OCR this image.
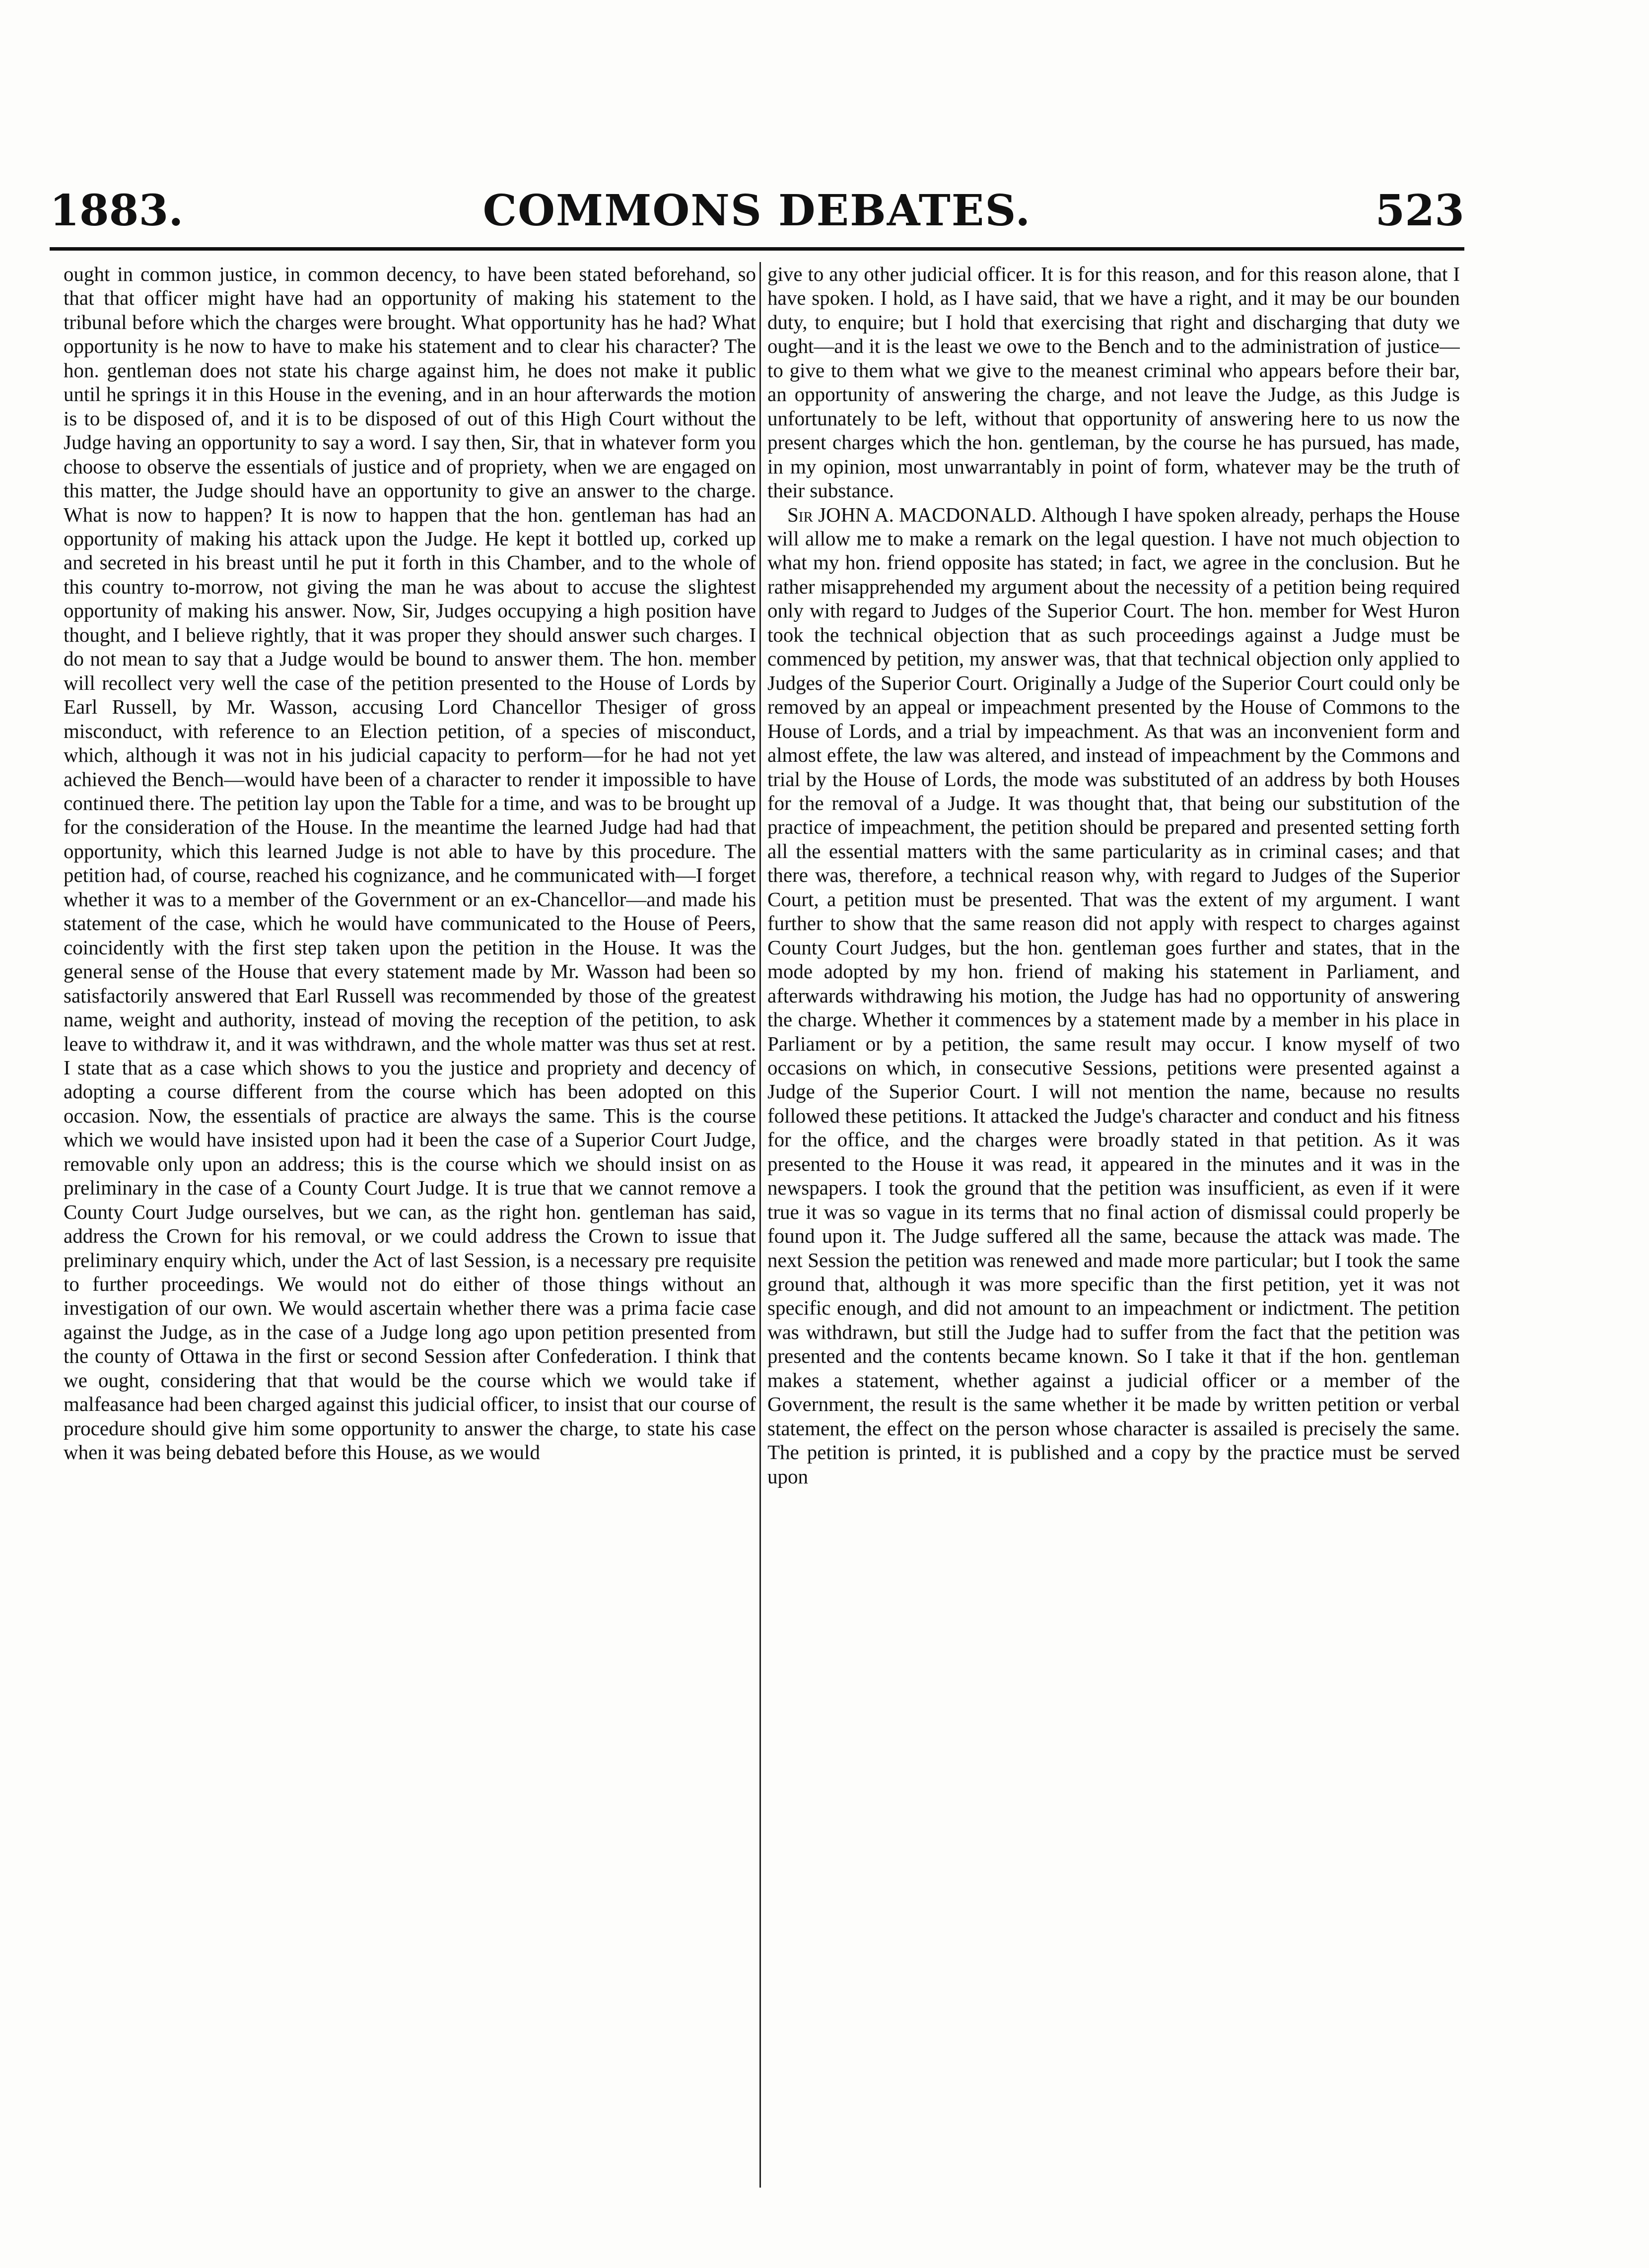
1883.	COMMONS DEBATES.	523

ought in common justice, in common decency, to have been stated beforehand, so that that officer might have had an opportunity of making his statement to the tribunal before which the charges were brought. What opportunity has he had? What opportunity is he now to have to make his statement and to clear his character? The hon. gentleman does not state his charge against him, he does not make it public until he springs it in this House in the evening, and in an hour afterwards the motion is to be disposed of, and it is to be disposed of out of this High Court without the Judge having an opportunity to say a word. I say then, Sir, that in whatever form you choose to observe the essentials of justice and of propriety, when we are engaged on this matter, the Judge should have an opportunity to give an answer to the charge. What is now to happen? It is now to happen that the hon. gentleman has had an opportunity of making his attack upon the Judge. He kept it bottled up, corked up and secreted in his breast until he put it forth in this Chamber, and to the whole of this country to-morrow, not giving the man he was about to accuse the slightest opportunity of making his answer. Now, Sir, Judges occupying a high position have thought, and I believe rightly, that it was proper they should answer such charges. I do not mean to say that a Judge would be bound to answer them. The hon. member will recollect very well the case of the petition presented to the House of Lords by Earl Russell, by Mr. Wasson, accusing Lord Chancellor Thesiger of gross misconduct, with reference to an Election petition, of a species of misconduct, which, although it was not in his judicial capacity to perform—for he had not yet achieved the Bench—would have been of a character to render it impossible to have continued there. The petition lay upon the Table for a time, and was to be brought up for the consideration of the House. In the meantime the learned Judge had had that opportunity, which this learned Judge is not able to have by this procedure. The petition had, of course, reached his cognizance, and he communicated with—I forget whether it was to a member of the Government or an ex-Chancellor—and made his statement of the case, which he would have communicated to the House of Peers, coincidently with the first step taken upon the petition in the House. It was the general sense of the House that every statement made by Mr. Wasson had been so satisfactorily answered that Earl Russell was recommended by those of the greatest name, weight and authority, instead of moving the reception of the petition, to ask leave to withdraw it, and it was withdrawn, and the whole matter was thus set at rest. I state that as a case which shows to you the justice and propriety and decency of adopting a course different from the course which has been adopted on this occasion. Now, the essentials of practice are always the same. This is the course which we would have insisted upon had it been the case of a Superior Court Judge, removable only upon an address; this is the course which we should insist on as preliminary in the case of a County Court Judge. It is true that we cannot remove a County Court Judge ourselves, but we can, as the right hon. gentleman has said, address the Crown for his removal, or we could address the Crown to issue that preliminary enquiry which, under the Act of last Session, is a necessary pre requisite to further proceedings. We would not do either of those things without an investigation of our own. We would ascertain whether there was a prima facie case against the Judge, as in the case of a Judge long ago upon petition presented from the county of Ottawa in the first or second Session after Confederation. I think that we ought, considering that that would be the course which we would take if malfeasance had been charged against this judicial officer, to insist that our course of procedure should give him some opportunity to answer the charge, to state his case when it was being debated before this House, as we would

give to any other judicial officer. It is for this reason, and for this reason alone, that I have spoken. I hold, as I have said, that we have a right, and it may be our bounden duty, to enquire; but I hold that exercising that right and discharging that duty we ought—and it is the least we owe to the Bench and to the administration of justice—to give to them what we give to the meanest criminal who appears before their bar, an opportunity of answering the charge, and not leave the Judge, as this Judge is unfortunately to be left, without that opportunity of answering here to us now the present charges which the hon. gentleman, by the course he has pursued, has made, in my opinion, most unwarrantably in point of form, whatever may be the truth of their substance.

Sir JOHN A. MACDONALD. Although I have spoken already, perhaps the House will allow me to make a remark on the legal question. I have not much objection to what my hon. friend opposite has stated; in fact, we agree in the conclusion. But he rather misapprehended my argument about the necessity of a petition being required only with regard to Judges of the Superior Court. The hon. member for West Huron took the technical objection that as such proceedings against a Judge must be commenced by petition, my answer was, that that technical objection only applied to Judges of the Superior Court. Originally a Judge of the Superior Court could only be removed by an appeal or impeachment presented by the House of Commons to the House of Lords, and a trial by impeachment. As that was an inconvenient form and almost effete, the law was altered, and instead of impeachment by the Commons and trial by the House of Lords, the mode was substituted of an address by both Houses for the removal of a Judge. It was thought that, that being our substitution of the practice of impeachment, the petition should be prepared and presented setting forth all the essential matters with the same particularity as in criminal cases; and that there was, therefore, a technical reason why, with regard to Judges of the Superior Court, a petition must be presented. That was the extent of my argument. I want further to show that the same reason did not apply with respect to charges against County Court Judges, but the hon. gentleman goes further and states, that in the mode adopted by my hon. friend of making his statement in Parliament, and afterwards withdrawing his motion, the Judge has had no opportunity of answering the charge. Whether it commences by a statement made by a member in his place in Parliament or by a petition, the same result may occur. I know myself of two occasions on which, in consecutive Sessions, petitions were presented against a Judge of the Superior Court. I will not mention the name, because no results followed these petitions. It attacked the Judge's character and conduct and his fitness for the office, and the charges were broadly stated in that petition. As it was presented to the House it was read, it appeared in the minutes and it was in the newspapers. I took the ground that the petition was insufficient, as even if it were true it was so vague in its terms that no final action of dismissal could properly be found upon it. The Judge suffered all the same, because the attack was made. The next Session the petition was renewed and made more particular; but I took the same ground that, although it was more specific than the first petition, yet it was not specific enough, and did not amount to an impeachment or indictment. The petition was withdrawn, but still the Judge had to suffer from the fact that the petition was presented and the contents became known. So I take it that if the hon. gentleman makes a statement, whether against a judicial officer or a member of the Government, the result is the same whether it be made by written petition or verbal statement, the effect on the person whose character is assailed is precisely the same. The petition is printed, it is published and a copy by the practice must be served upon
